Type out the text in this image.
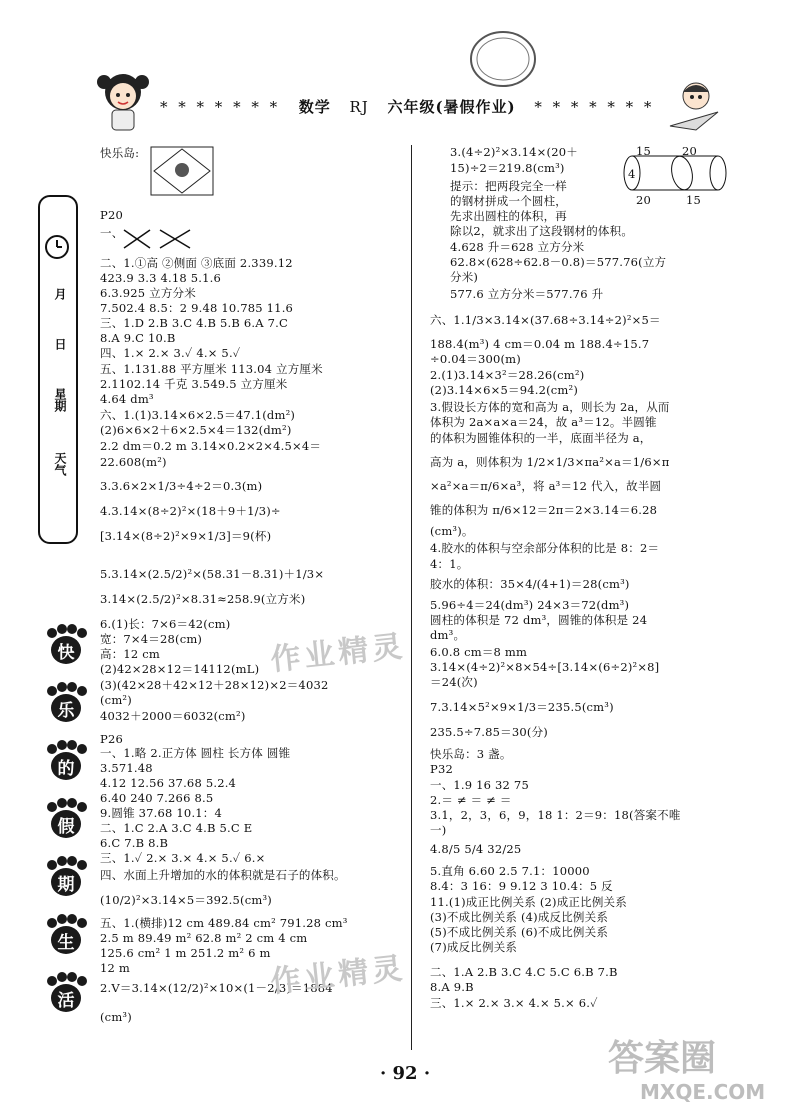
* * * * * * * 数学 RJ 六年级(暑假作业) * * * * * * *
月
日
星期
天气
快
乐
的
假
期
生
活
15	20
4
20	15
快乐岛:
P20
一、
二、1.①高 ②侧面 ③底面 2.339.12
423.9 3.3 4.18 5.1.6
6.3.925 立方分米
7.502.4 8.5：2 9.48 10.785 11.6
三、1.D 2.B 3.C 4.B 5.B 6.A 7.C
8.A 9.C 10.B
四、1.× 2.× 3.✓ 4.× 5.✓
五、1.131.88 平方厘米 113.04 立方厘米
2.1102.14 千克 3.549.5 立方厘米
4.64 dm³
六、1.(1)3.14×6×2.5＝47.1(dm²)
(2)6×6×2＋6×2.5×4＝132(dm²)
2.2 dm＝0.2 m 3.14×0.2×2×4.5×4＝
22.608(m²)
3.3.6×2×1/3÷4÷2＝0.3(m)
4.3.14×(8÷2)²×(18＋9＋1/3)÷
[3.14×(8÷2)²×9×1/3]＝9(杯)
5.3.14×(2.5/2)²×(58.31－8.31)＋1/3×
3.14×(2.5/2)²×8.31≈258.9(立方米)
6.(1)长：7×6＝42(cm)
宽：7×4＝28(cm)
高：12 cm
(2)42×28×12＝14112(mL)
(3)(42×28＋42×12＋28×12)×2＝4032
(cm²)
4032＋2000＝6032(cm²)
P26
一、1.略 2.正方体 圆柱 长方体 圆锥
3.571.48
4.12 12.56 37.68 5.2.4
6.40 240 7.266 8.5
9.圆锥 37.68 10.1：4
二、1.C 2.A 3.C 4.B 5.C E
6.C 7.B 8.B
三、1.✓ 2.× 3.× 4.× 5.✓ 6.×
四、水面上升增加的水的体积就是石子的体积。
(10/2)²×3.14×5＝392.5(cm³)
五、1.(横排)12 cm 489.84 cm² 791.28 cm³
2.5 m 89.49 m² 62.8 m² 2 cm 4 cm
125.6 cm² 1 m 251.2 m² 6 m
12 m
2.V＝3.14×(12/2)²×10×(1－2/3)＝1884
(cm³)
3.(4÷2)²×3.14×(20＋
15)÷2＝219.8(cm³)
提示：把两段完全一样
的钢材拼成一个圆柱，
先求出圆柱的体积，再
除以2，就求出了这段钢材的体积。
4.628 升＝628 立方分米
62.8×(628÷62.8－0.8)＝577.76(立方
分米)
577.6 立方分米＝577.76 升
六、1.1/3×3.14×(37.68÷3.14÷2)²×5＝
188.4(m³) 4 cm＝0.04 m 188.4÷15.7
÷0.04＝300(m)
2.(1)3.14×3²＝28.26(cm²)
(2)3.14×6×5＝94.2(cm²)
3.假设长方体的宽和高为 a，则长为 2a，从而
体积为 2a×a×a＝24，故 a³＝12。半圆锥
的体积为圆锥体积的一半，底面半径为 a，
高为 a，则体积为 1/2×1/3×πa²×a＝1/6×π
×a²×a＝π/6×a³，将 a³＝12 代入，故半圆
锥的体积为 π/6×12＝2π＝2×3.14＝6.28
(cm³)。
4.胶水的体积与空余部分体积的比是 8：2＝
4：1。
胶水的体积：35×4/(4+1)＝28(cm³)
5.96÷4＝24(dm³) 24×3＝72(dm³)
圆柱的体积是 72 dm³，圆锥的体积是 24
dm³。
6.0.8 cm＝8 mm
3.14×(4÷2)²×8×54÷[3.14×(6÷2)²×8]
＝24(次)
7.3.14×5²×9×1/3＝235.5(cm³)
235.5÷7.85＝30(分)
快乐岛：3 盏。
P32
一、1.9 16 32 75
2.＝ ≠ ＝ ≠ ＝
3.1，2，3，6，9，18 1：2＝9：18(答案不唯
一)
4.8/5 5/4 32/25
5.直角 6.60 2.5 7.1：10000
8.4：3 16：9 9.12 3 10.4：5 反
11.(1)成正比例关系 (2)成正比例关系
(3)不成比例关系 (4)成反比例关系
(5)不成比例关系 (6)不成比例关系
(7)成反比例关系
二、1.A 2.B 3.C 4.C 5.C 6.B 7.B
8.A 9.B
三、1.× 2.× 3.× 4.× 5.× 6.✓
· 92 ·
作业精灵
作业精灵
答案圈
MXQE.COM
